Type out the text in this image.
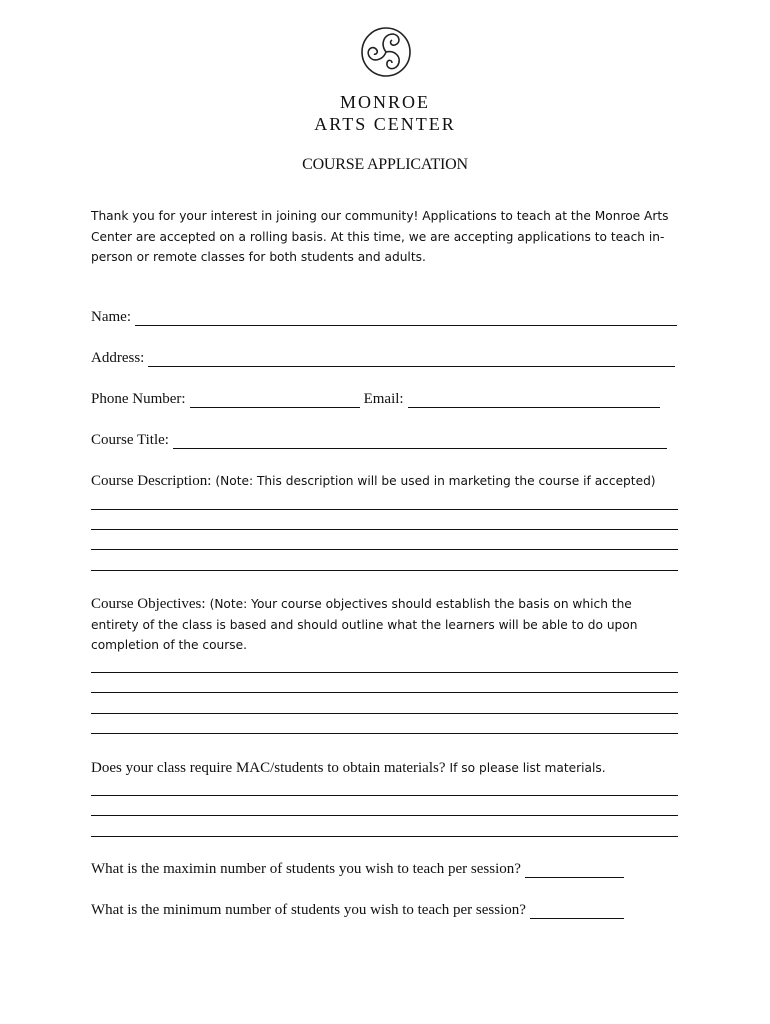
MONROE
ARTS CENTER
COURSE APPLICATION
Thank you for your interest in joining our community! Applications to teach at the Monroe Arts Center are accepted on a rolling basis. At this time, we are accepting applications to teach in-person or remote classes for both students and adults.
Name:
Address:
Phone Number:	Email:
Course Title:
Course Description: (Note: This description will be used in marketing the course if accepted)
Course Objectives: (Note: Your course objectives should establish the basis on which the entirety of the class is based and should outline what the learners will be able to do upon completion of the course.
Does your class require MAC/students to obtain materials? If so please list materials.
What is the maximin number of students you wish to teach per session?
What is the minimum number of students you wish to teach per session?
